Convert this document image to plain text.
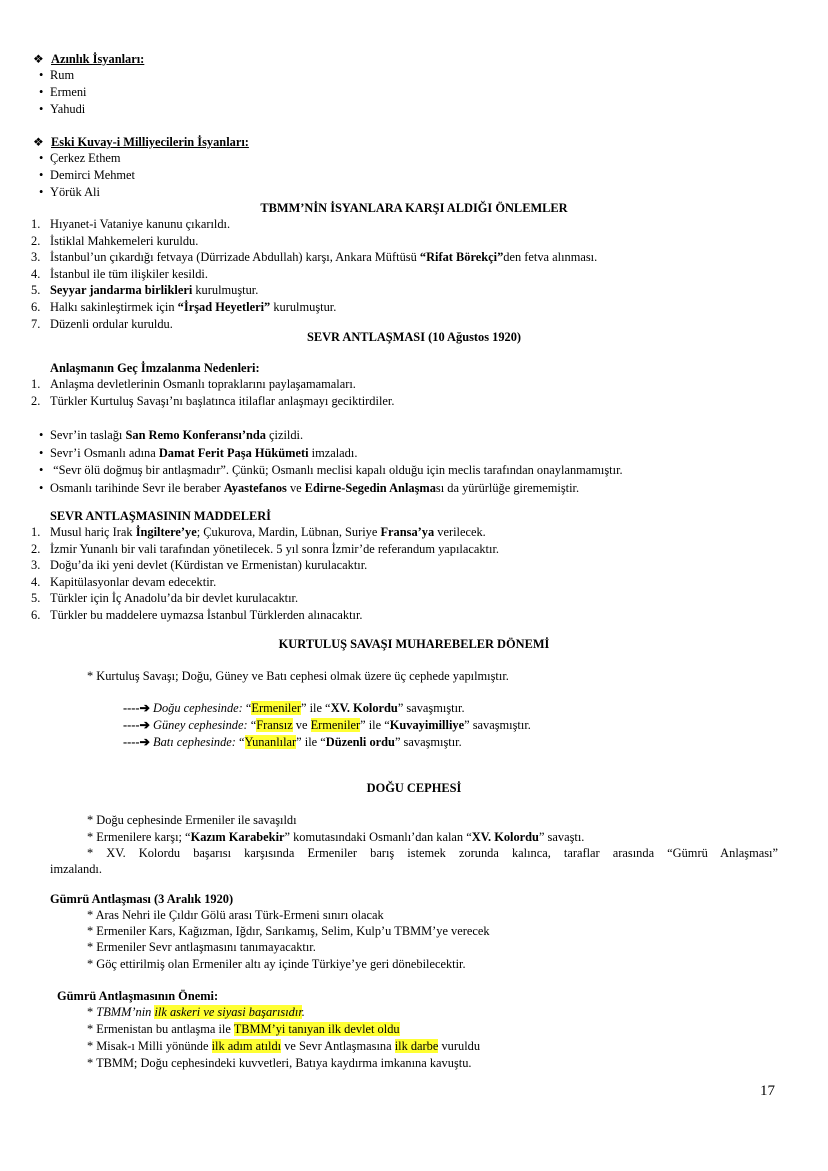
❖ Azınlık İsyanları:
• Rum
• Ermeni
• Yahudi
❖ Eski Kuvay-i Milliyecilerin İsyanları:
• Çerkez Ethem
• Demirci Mehmet
• Yörük Ali
TBMM’NİN İSYANLARA KARŞI ALDIĞI ÖNLEMLER
1. Hıyanet-i Vataniye kanunu çıkarıldı.
2. İstiklal Mahkemeleri kuruldu.
3. İstanbul’un çıkardığı fetvaya (Dürrizade Abdullah) karşı, Ankara Müftüsü “Rifat Börekçi”den fetva alınması.
4. İstanbul ile tüm ilişkiler kesildi.
5. Seyyar jandarma birlikleri kurulmuştur.
6. Halkı sakinleştirmek için “İrşad Heyetleri” kurulmuştur.
7. Düzenli ordular kuruldu.
SEVR ANTLAŞMASI (10 Ağustos 1920)
Anlaşmanın Geç İmzalanma Nedenleri:
1. Anlaşma devletlerinin Osmanlı topraklarını paylaşamamaları.
2. Türkler Kurtuluş Savaşı’nı başlatınca itilaflar anlaşmayı geciktirdiler.
• Sevr’in taslağı San Remo Konferansı’nda çizildi.
• Sevr’i Osmanlı adına Damat Ferit Paşa Hükümeti imzaladı.
• “Sevr ölü doğmuş bir antlaşmadır”. Çünkü; Osmanlı meclisi kapalı olduğu için meclis tarafından onaylanmamıştır.
• Osmanlı tarihinde Sevr ile beraber Ayastefanos ve Edirne-Segedin Anlaşması da yürürlüğe girememiştir.
SEVR ANTLAŞMASININ MADDELERİ
1. Musul hariç Irak İngiltere’ye; Çukurova, Mardin, Lübnan, Suriye Fransa’ya verilecek.
2. İzmir Yunanlı bir vali tarafından yönetilecek. 5 yıl sonra İzmir’de referandum yapılacaktır.
3. Doğu’da iki yeni devlet (Kürdistan ve Ermenistan) kurulacaktır.
4. Kapitülasyonlar devam edecektir.
5. Türkler için İç Anadolu’da bir devlet kurulacaktır.
6. Türkler bu maddelere uymazsa İstanbul Türklerden alınacaktır.
KURTULUŞ SAVAŞI MUHAREBELER DÖNEMİ
* Kurtuluş Savaşı; Doğu, Güney ve Batı cephesi olmak üzere üç cephede yapılmıştır.
----➔ Doğu cephesinde: “Ermeniler” ile “XV. Kolordu” savaşmıştır.
----➔ Güney cephesinde: “Fransız ve Ermeniler” ile “Kuvayimilliye” savaşmıştır.
----➔ Batı cephesinde: “Yunanlılar” ile “Düzenli ordu” savaşmıştır.
DOĞU CEPHESİ
* Doğu cephesinde Ermeniler ile savaşıldı
* Ermenilere karşı; “Kazım Karabekir” komutasındaki Osmanlı’dan kalan “XV. Kolordu” savaştı.
* XV. Kolordu başarısı karşısında Ermeniler barış istemek zorunda kalınca, taraflar arasında “Gümrü Anlaşması”
imzalandı.
Gümrü Antlaşması (3 Aralık 1920)
* Aras Nehri ile Çıldır Gölü arası Türk-Ermeni sınırı olacak
* Ermeniler Kars, Kağızman, Iğdır, Sarıkamış, Selim, Kulp’u TBMM’ye verecek
* Ermeniler Sevr antlaşmasını tanımayacaktır.
* Göç ettirilmiş olan Ermeniler altı ay içinde Türkiye’ye geri dönebilecektir.
Gümrü Antlaşmasının Önemi:
* TBMM’nin ilk askeri ve siyasi başarısıdır.
* Ermenistan bu antlaşma ile TBMM’yi tanıyan ilk devlet oldu
* Misak-ı Milli yönünde ilk adım atıldı ve Sevr Antlaşmasına ilk darbe vuruldu
* TBMM; Doğu cephesindeki kuvvetleri, Batıya kaydırma imkanına kavuştu.
17
